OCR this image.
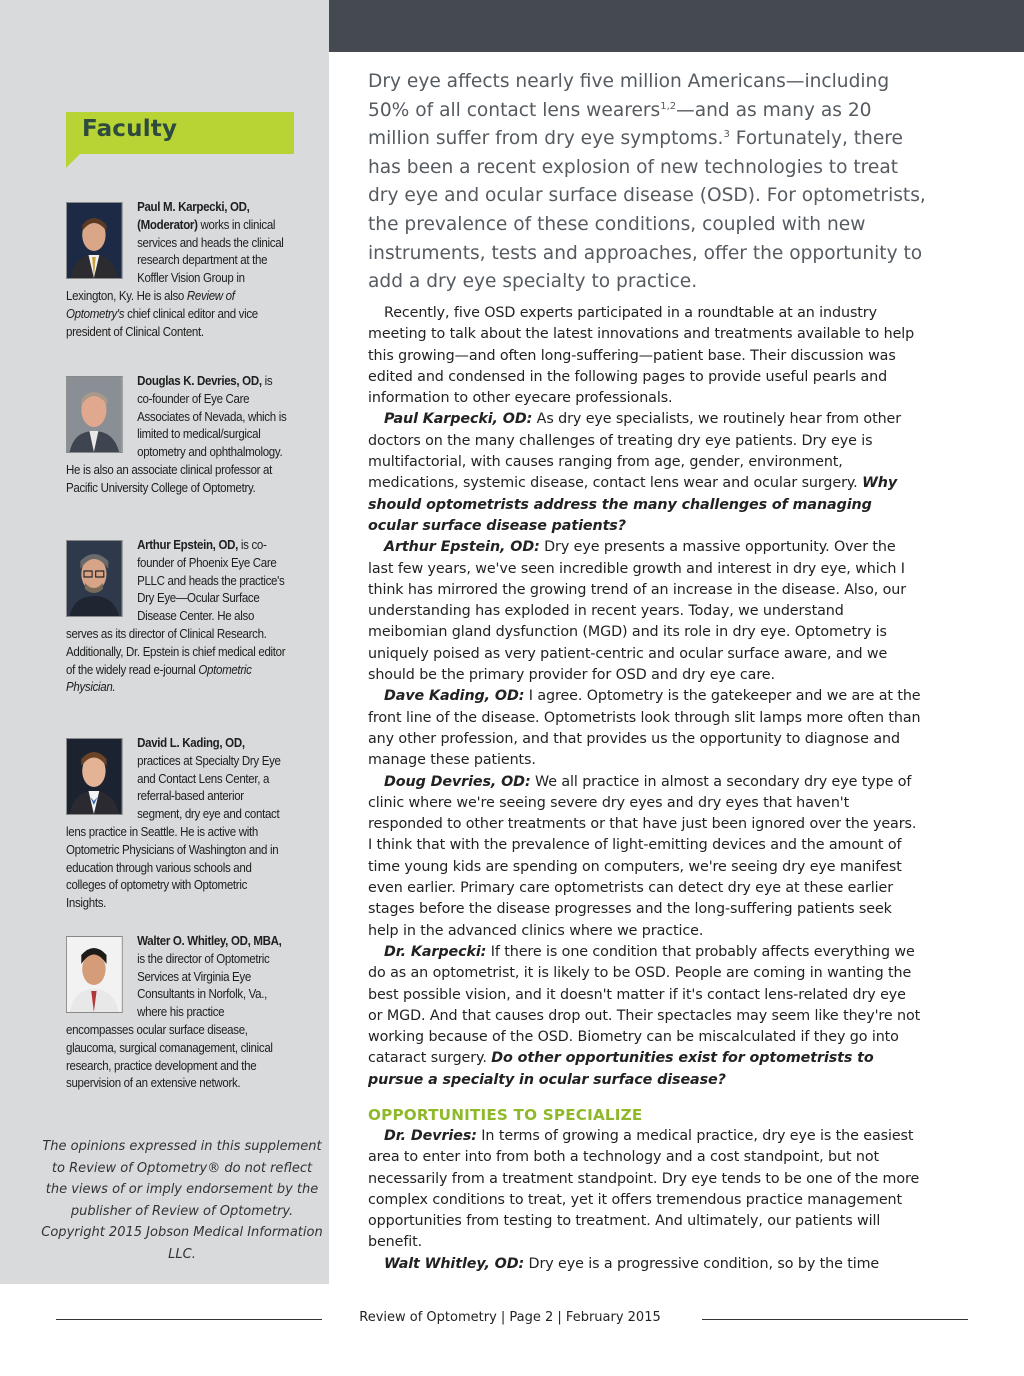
Faculty
Paul M. Karpecki, OD,
(Moderator) works in clinical services and heads the clinical research department at the Koffler Vision Group in Lexington, Ky. He is also Review of Optometry's chief clinical editor and vice president of Clinical Content.
Douglas K. Devries, OD, is co-founder of Eye Care Associates of Nevada, which is limited to medical/surgical optometry and ophthalmology. He is also an associate clinical professor at Pacific University College of Optometry.
Arthur Epstein, OD, is co-founder of Phoenix Eye Care PLLC and heads the practice's Dry Eye—Ocular Surface Disease Center. He also serves as its director of Clinical Research. Additionally, Dr. Epstein is chief medical editor of the widely read e-journal Optometric Physician.
David L. Kading, OD, practices at Specialty Dry Eye and Contact Lens Center, a referral-based anterior segment, dry eye and contact lens practice in Seattle. He is active with Optometric Physicians of Washington and in education through various schools and colleges of optometry with Optometric Insights.
Walter O. Whitley, OD, MBA, is the director of Optometric Services at Virginia Eye Consultants in Norfolk, Va., where his practice encompasses ocular surface disease, glaucoma, surgical comanagement, clinical research, practice development and the supervision of an extensive network.
The opinions expressed in this supplement to Review of Optometry® do not reflect the views of or imply endorsement by the publisher of Review of Optometry. Copyright 2015 Jobson Medical Information LLC.

Dry eye affects nearly five million Americans—including 50% of all contact lens wearers$^{1,2}$—and as many as 20 million suffer from dry eye symptoms.$^3$ Fortunately, there has been a recent explosion of new technologies to treat dry eye and ocular surface disease (OSD). For optometrists, the prevalence of these conditions, coupled with new instruments, tests and approaches, offer the opportunity to add a dry eye specialty to practice.

Recently, five OSD experts participated in a roundtable at an industry meeting to talk about the latest innovations and treatments available to help this growing—and often long-suffering—patient base. Their discussion was edited and condensed in the following pages to provide useful pearls and information to other eyecare professionals.

Paul Karpecki, OD: As dry eye specialists, we routinely hear from other doctors on the many challenges of treating dry eye patients. Dry eye is multifactorial, with causes ranging from age, gender, environment, medications, systemic disease, contact lens wear and ocular surgery. Why should optometrists address the many challenges of managing ocular surface disease patients?

Arthur Epstein, OD: Dry eye presents a massive opportunity. Over the last few years, we've seen incredible growth and interest in dry eye, which I think has mirrored the growing trend of an increase in the disease. Also, our understanding has exploded in recent years. Today, we understand meibomian gland dysfunction (MGD) and its role in dry eye. Optometry is uniquely poised as very patient-centric and ocular surface aware, and we should be the primary provider for OSD and dry eye care.

Dave Kading, OD: I agree. Optometry is the gatekeeper and we are at the front line of the disease. Optometrists look through slit lamps more often than any other profession, and that provides us the opportunity to diagnose and manage these patients.

Doug Devries, OD: We all practice in almost a secondary dry eye type of clinic where we're seeing severe dry eyes and dry eyes that haven't responded to other treatments or that have just been ignored over the years. I think that with the prevalence of light-emitting devices and the amount of time young kids are spending on computers, we're seeing dry eye manifest even earlier. Primary care optometrists can detect dry eye at these earlier stages before the disease progresses and the long-suffering patients seek help in the advanced clinics where we practice.

Dr. Karpecki: If there is one condition that probably affects everything we do as an optometrist, it is likely to be OSD. People are coming in wanting the best possible vision, and it doesn't matter if it's contact lens-related dry eye or MGD. And that causes drop out. Their spectacles may seem like they're not working because of the OSD. Biometry can be miscalculated if they go into cataract surgery. Do other opportunities exist for optometrists to pursue a specialty in ocular surface disease?

OPPORTUNITIES TO SPECIALIZE

Dr. Devries: In terms of growing a medical practice, dry eye is the easiest area to enter into from both a technology and a cost standpoint, but not necessarily from a treatment standpoint. Dry eye tends to be one of the more complex conditions to treat, yet it offers tremendous practice management opportunities from testing to treatment. And ultimately, our patients will benefit.

Walt Whitley, OD: Dry eye is a progressive condition, so by the time

Review of Optometry | Page 2 | February 2015
